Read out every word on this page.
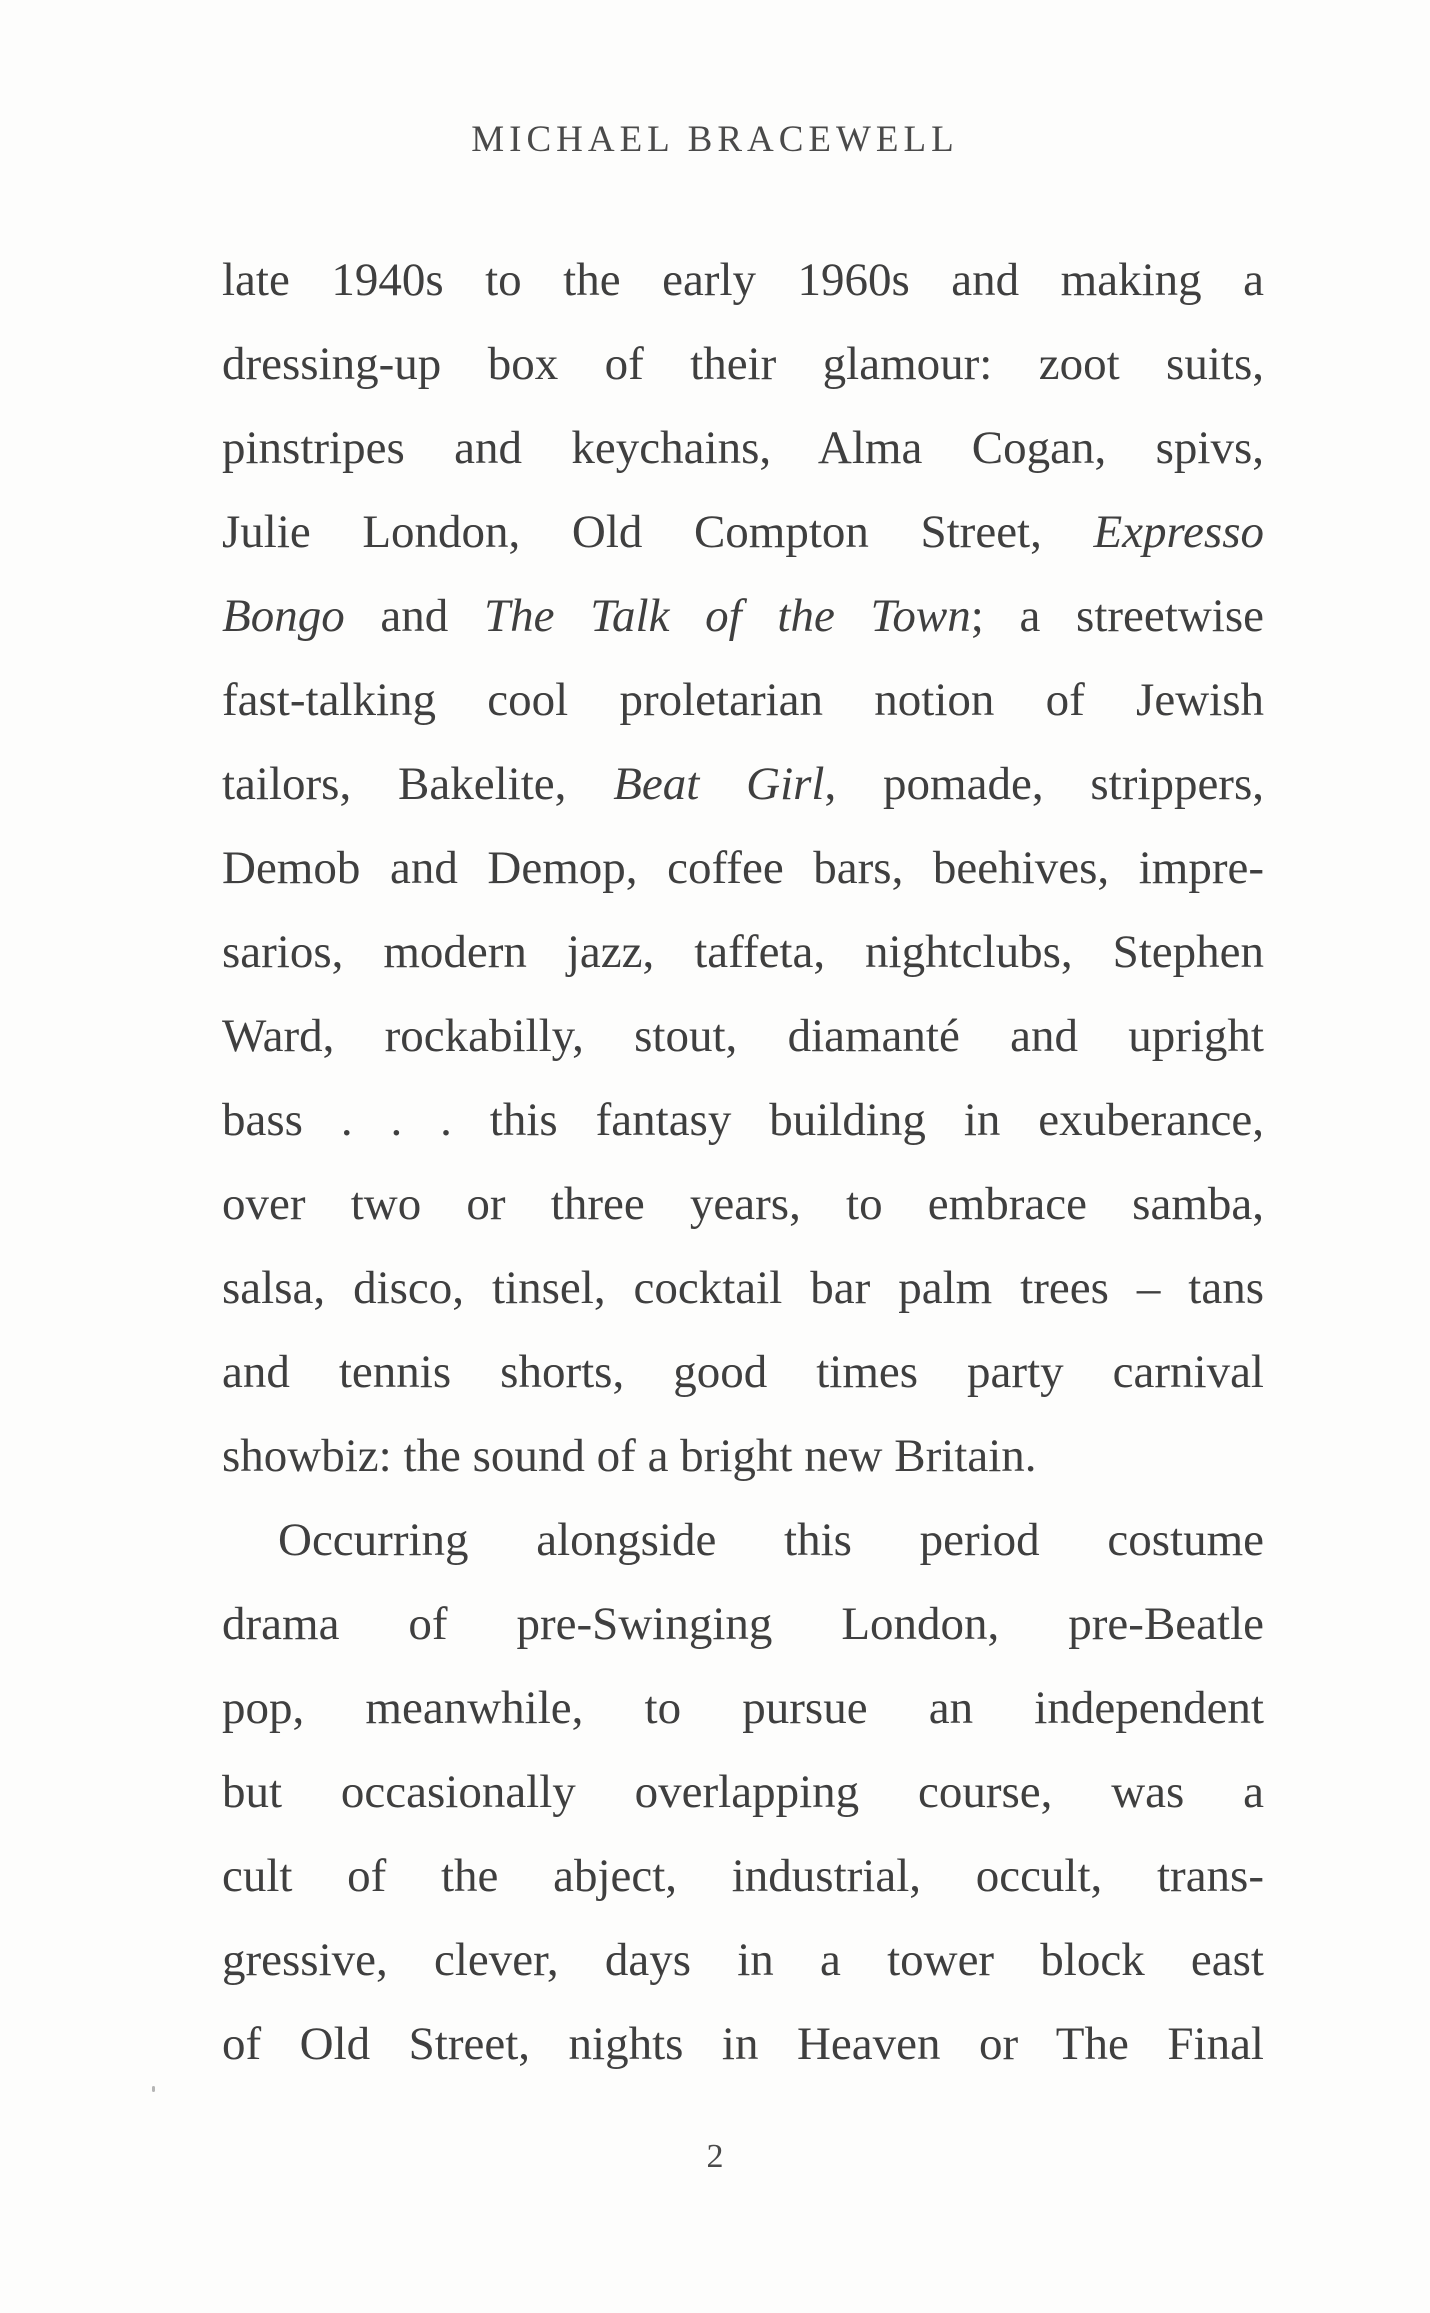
MICHAEL BRACEWELL
late 1940s to the early 1960s and making a
dressing-up box of their glamour: zoot suits,
pinstripes and keychains, Alma Cogan, spivs,
Julie London, Old Compton Street, Expresso
Bongo and The Talk of the Town; a streetwise
fast-talking cool proletarian notion of Jewish
tailors, Bakelite, Beat Girl, pomade, strippers,
Demob and Demop, coffee bars, beehives, impre-
sarios, modern jazz, taffeta, nightclubs, Stephen
Ward, rockabilly, stout, diamanté and upright
bass . . . this fantasy building in exuberance,
over two or three years, to embrace samba,
salsa, disco, tinsel, cocktail bar palm trees – tans
and tennis shorts, good times party carnival
showbiz: the sound of a bright new Britain.
Occurring alongside this period costume
drama of pre-Swinging London, pre-Beatle
pop, meanwhile, to pursue an independent
but occasionally overlapping course, was a
cult of the abject, industrial, occult, trans-
gressive, clever, days in a tower block east
of Old Street, nights in Heaven or The Final
2
